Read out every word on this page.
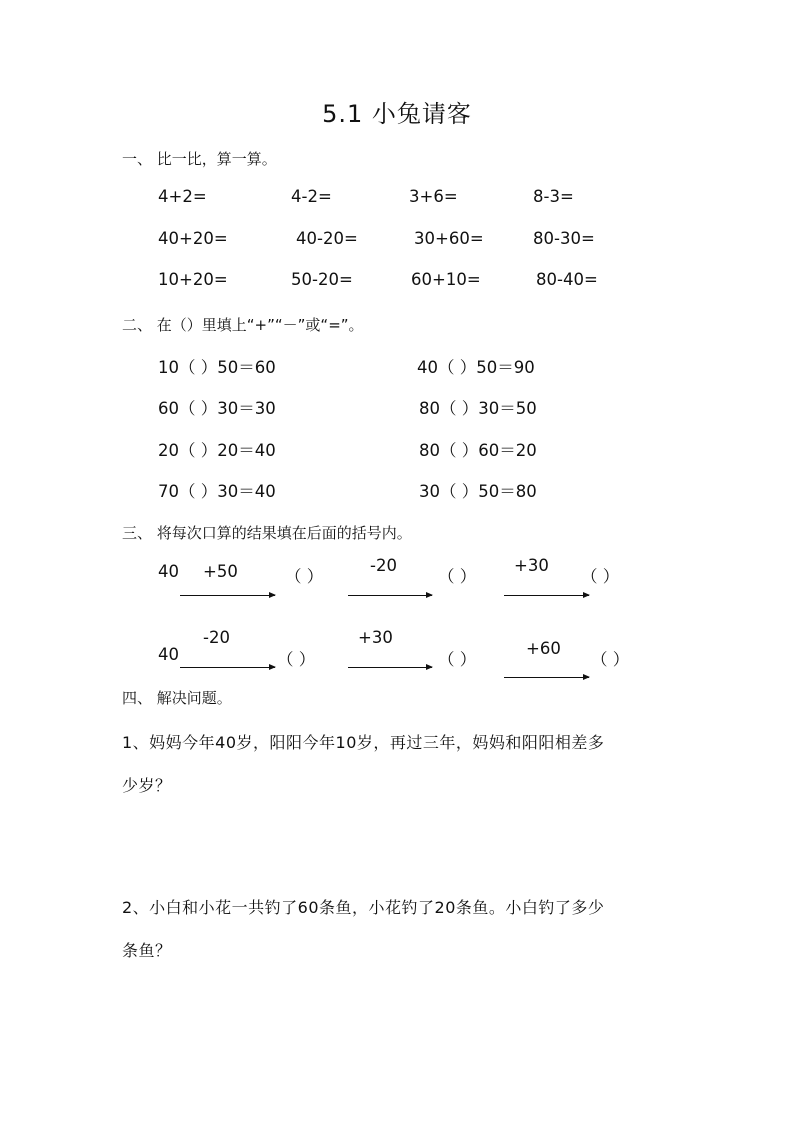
5.1 小兔请客
一、 比一比，算一算。
4+2=	4-2=	3+6=	8-3=
40+20=	40-20=	30+60=	80-30=
10+20=	50-20=	60+10=	80-40=
二、 在（）里填上“+”“－”或“=”。
10（ ）50＝60	40（ ）50＝90
60（ ）30＝30	80（ ）30＝50
20（ ）20＝40	80（ ）60＝20
70（ ）30＝40	30（ ）50＝80
三、 将每次口算的结果填在后面的括号内。
40 +50	（ ）
-20
（ ）
+30
（ ）
40
-20
（ ）
+30
（ ）
+60
（ ）
四、 解决问题。
1、妈妈今年40岁，阳阳今年10岁，再过三年，妈妈和阳阳相差多
少岁？
2、小白和小花一共钓了60条鱼，小花钓了20条鱼。小白钓了多少
条鱼？
